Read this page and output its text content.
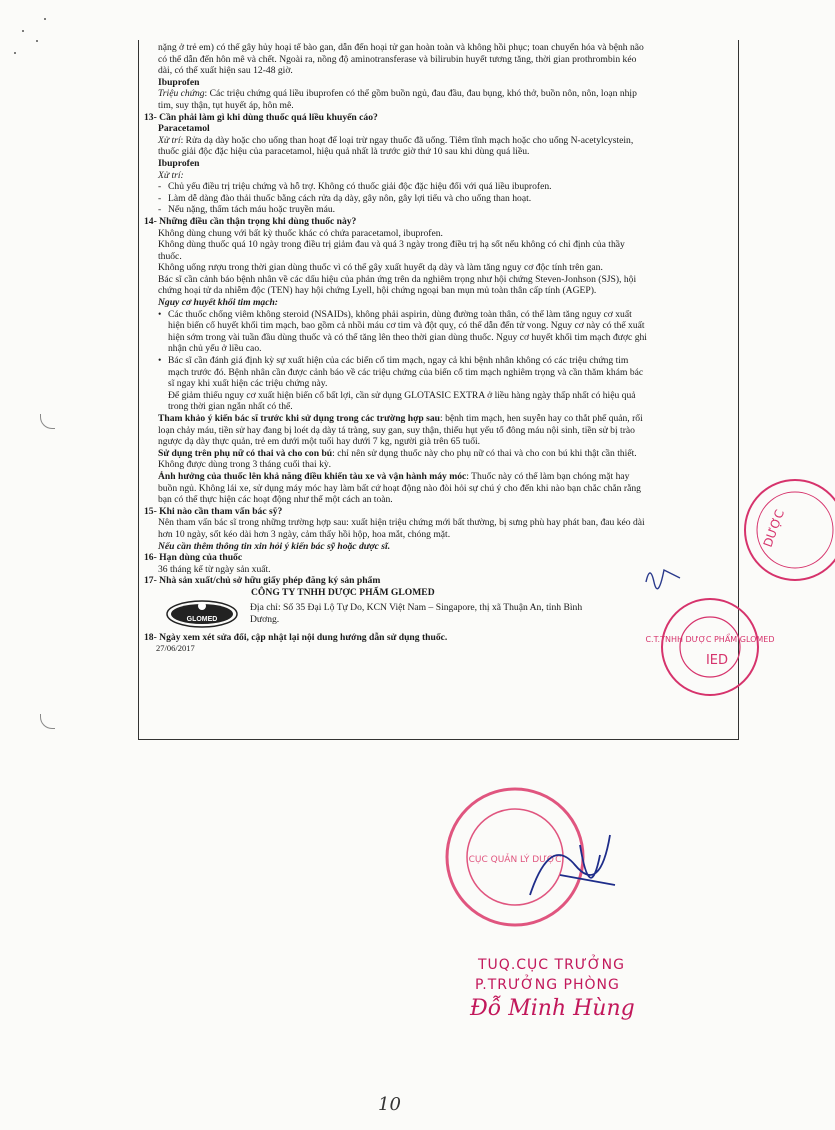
nặng ở trẻ em) có thể gây hủy hoại tế bào gan, dẫn đến hoại tử gan hoàn toàn và không hồi phục; toan chuyển hóa và bệnh não

có thể dẫn đến hôn mê và chết. Ngoài ra, nồng độ aminotransferase và bilirubin huyết tương tăng, thời gian prothrombin kéo

dài, có thể xuất hiện sau 12-48 giờ.

Ibuprofen

Triệu chứng: Các triệu chứng quá liều ibuprofen có thể gồm buồn ngủ, đau đầu, đau bụng, khó thở, buồn nôn, nôn, loạn nhịp

tim, suy thận, tụt huyết áp, hôn mê.

13- Cần phải làm gì khi dùng thuốc quá liều khuyến cáo?

Paracetamol

Xử trí: Rửa dạ dày hoặc cho uống than hoạt để loại trừ ngay thuốc đã uống. Tiêm tĩnh mạch hoặc cho uống N-acetylcystein,

thuốc giải độc đặc hiệu của paracetamol, hiệu quả nhất là trước giờ thứ 10 sau khi dùng quá liều.

Ibuprofen

Xử trí:

- Chủ yếu điều trị triệu chứng và hỗ trợ. Không có thuốc giải độc đặc hiệu đối với quá liều ibuprofen.

- Làm dễ dàng đào thải thuốc bằng cách rửa dạ dày, gây nôn, gây lợi tiểu và cho uống than hoạt.

- Nếu nặng, thẩm tách máu hoặc truyền máu.

14- Những điều cần thận trọng khi dùng thuốc này?

Không dùng chung với bất kỳ thuốc khác có chứa paracetamol, ibuprofen.

Không dùng thuốc quá 10 ngày trong điều trị giảm đau và quá 3 ngày trong điều trị hạ sốt nếu không có chỉ định của thầy

thuốc.

Không uống rượu trong thời gian dùng thuốc vì có thể gây xuất huyết dạ dày và làm tăng nguy cơ độc tính trên gan.

Bác sĩ cần cảnh báo bệnh nhân về các dấu hiệu của phản ứng trên da nghiêm trọng như hội chứng Steven-Jonhson (SJS), hội

chứng hoại tử da nhiễm độc (TEN) hay hội chứng Lyell, hội chứng ngoại ban mụn mủ toàn thân cấp tính (AGEP).

Nguy cơ huyết khối tim mạch:

• Các thuốc chống viêm không steroid (NSAIDs), không phải aspirin, dùng đường toàn thân, có thể làm tăng nguy cơ xuất

hiện biến cố huyết khối tim mạch, bao gồm cả nhồi máu cơ tim và đột quỵ, có thể dẫn đến tử vong. Nguy cơ này có thể xuất

hiện sớm trong vài tuần đầu dùng thuốc và có thể tăng lên theo thời gian dùng thuốc. Nguy cơ huyết khối tim mạch được ghi

nhận chủ yếu ở liều cao.

• Bác sĩ cần đánh giá định kỳ sự xuất hiện của các biến cố tim mạch, ngay cả khi bệnh nhân không có các triệu chứng tim

mạch trước đó. Bệnh nhân cần được cảnh báo về các triệu chứng của biến cố tim mạch nghiêm trọng và cần thăm khám bác

sĩ ngay khi xuất hiện các triệu chứng này.

Để giảm thiểu nguy cơ xuất hiện biến cố bất lợi, cần sử dụng GLOTASIC EXTRA ở liều hàng ngày thấp nhất có hiệu quả

trong thời gian ngắn nhất có thể.

Tham khảo ý kiến bác sĩ trước khi sử dụng trong các trường hợp sau: bệnh tim mạch, hen suyễn hay co thắt phế quản, rối

loạn chảy máu, tiền sử hay đang bị loét dạ dày tá tràng, suy gan, suy thận, thiếu hụt yếu tố đông máu nội sinh, tiền sử bị trào

ngược dạ dày thực quản, trẻ em dưới một tuổi hay dưới 7 kg, người già trên 65 tuổi.

Sử dụng trên phụ nữ có thai và cho con bú: chỉ nên sử dụng thuốc này cho phụ nữ có thai và cho con bú khi thật cần thiết.

Không được dùng trong 3 tháng cuối thai kỳ.

Ảnh hưởng của thuốc lên khả năng điều khiển tàu xe và vận hành máy móc: Thuốc này có thể làm bạn chóng mặt hay

buồn ngủ. Không lái xe, sử dụng máy móc hay làm bất cứ hoạt động nào đòi hỏi sự chú ý cho đến khi nào bạn chắc chắn rằng

bạn có thể thực hiện các hoạt động như thế một cách an toàn.

15- Khi nào cần tham vấn bác sỹ?

Nên tham vấn bác sĩ trong những trường hợp sau: xuất hiện triệu chứng mới bất thường, bị sưng phù hay phát ban, đau kéo dài

hơn 10 ngày, sốt kéo dài hơn 3 ngày, cảm thấy hồi hộp, hoa mắt, chóng mặt.

Nếu cần thêm thông tin xin hỏi ý kiến bác sỹ hoặc dược sĩ.

16- Hạn dùng của thuốc

36 tháng kể từ ngày sản xuất.

17- Nhà sản xuất/chủ sở hữu giấy phép đăng ký sản phẩm

CÔNG TY TNHH DƯỢC PHẨM GLOMED

GLOMED

Địa chỉ: Số 35 Đại Lộ Tự Do, KCN Việt Nam – Singapore, thị xã Thuận An, tỉnh Bình

Dương.

18- Ngày xem xét sửa đổi, cập nhật lại nội dung hướng dẫn sử dụng thuốc.

27/06/2017

DƯỢC
C.T.TNHH DƯỢC PHẨM GLOMED
IED
CỤC QUẢN LÝ DƯỢC
TUQ.CỤC TRƯỞNG
P.TRƯỞNG PHÒNG
Đỗ Minh Hùng
10
